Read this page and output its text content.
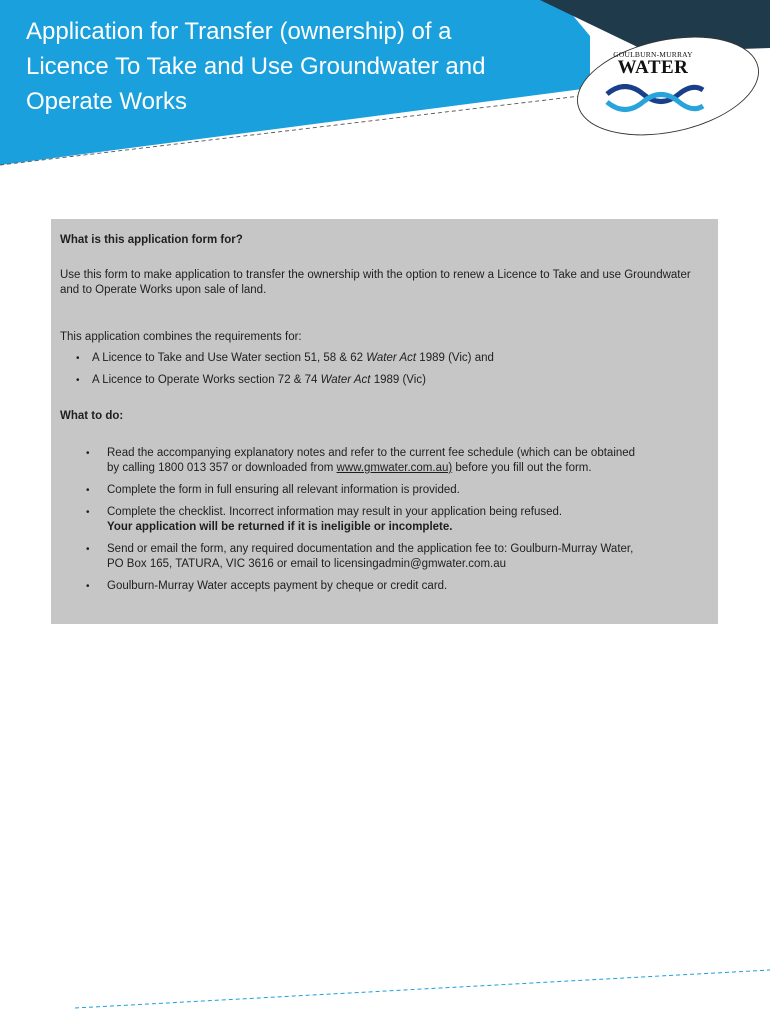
Application for Transfer (ownership) of a
Licence To Take and Use Groundwater and
Operate Works
GOULBURN-MURRAY
WATER

What is this application form for?

Use this form to make application to transfer the ownership with the option to renew a Licence to Take and use Groundwater and to Operate Works upon sale of land.

This application combines the requirements for:

• A Licence to Take and Use Water section 51, 58 & 62 Water Act 1989 (Vic) and
• A Licence to Operate Works section 72 & 74 Water Act 1989 (Vic)

What to do:

• Read the accompanying explanatory notes and refer to the current fee schedule (which can be obtained
by calling 1800 013 357 or downloaded from www.gmwater.com.au) before you fill out the form.
• Complete the form in full ensuring all relevant information is provided.
• Complete the checklist. Incorrect information may result in your application being refused.
Your application will be returned if it is ineligible or incomplete.
• Send or email the form, any required documentation and the application fee to: Goulburn-Murray Water,
PO Box 165, TATURA, VIC 3616 or email to licensingadmin@gmwater.com.au
• Goulburn-Murray Water accepts payment by cheque or credit card.
